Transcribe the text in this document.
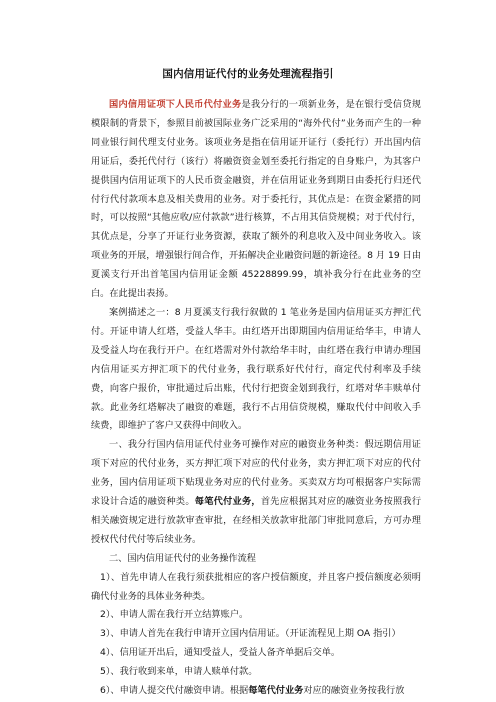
国内信用证代付的业务处理流程指引

国内信用证项下人民币代付业务是我分行的一项新业务，是在银行受信贷规模限制的背景下，参照目前被国际业务广泛采用的“海外代付”业务而产生的一种同业银行间代理支付业务。该项业务是指在信用证开证行（委托行）开出国内信用证后，委托代付行（该行）将融资资金划至委托行指定的自身账户，为其客户提供国内信用证项下的人民币资金融资，并在信用证业务到期日由委托行归还代付行代付款项本息及相关费用的业务。对于委托行，其优点是：在资金紧措的同时，可以按照“其他应收/应付款款”进行核算，不占用其信贷规模；对于代付行，其优点是，分享了开证行业务资源，获取了额外的利息收入及中间业务收入。该项业务的开展，增强银行间合作，开拓解决企业融资问题的新途径。8 月 19 日由夏溪支行开出首笔国内信用证金额 45228899.99，填补我分行在此业务的空白。在此提出表扬。

案例描述之一：8 月夏溪支行我行叙做的 1 笔业务是国内信用证买方押汇代付。开证申请人红塔，受益人华丰。由红塔开出即期国内信用证给华丰，申请人及受益人均在我行开户。在红塔需对外付款给华丰时，由红塔在我行申请办理国内信用证买方押汇项下的代付业务，我行联系好代付行，商定代付利率及手续费，向客户报价，审批通过后出账，代付行把资金划到我行，红塔对华丰赎单付款。此业务红塔解决了融资的难题，我行不占用信贷规模，赚取代付中间收入手续费，即维护了客户又获得中间收入。

一、我分行国内信用证代付业务可操作对应的融资业务种类：假远期信用证项下对应的代付业务，买方押汇项下对应的代付业务，卖方押汇项下对应的代付业务，国内信用证项下贴现业务对应的代付业务。买卖双方均可根据客户实际需求设计合适的融资种类。每笔代付业务，首先应根据其对应的融资业务按照我行相关融资规定进行放款审查审批，在经相关放款审批部门审批同意后，方可办理授权代付代付等后续业务。

二、国内信用证代付的业务操作流程

1）、首先申请人在我行须获批相应的客户授信额度，并且客户授信额度必须明确代付业务的具体业务种类。

2）、申请人需在我行开立结算账户。

3）、申请人首先在我行申请开立国内信用证。（开证流程见上期 OA 指引）

4）、信用证开出后，通知受益人，受益人备齐单据后交单。

5）、我行收到来单，申请人赎单付款。

6）、申请人提交代付融资申请。根据每笔代付业务对应的融资业务按我行放
